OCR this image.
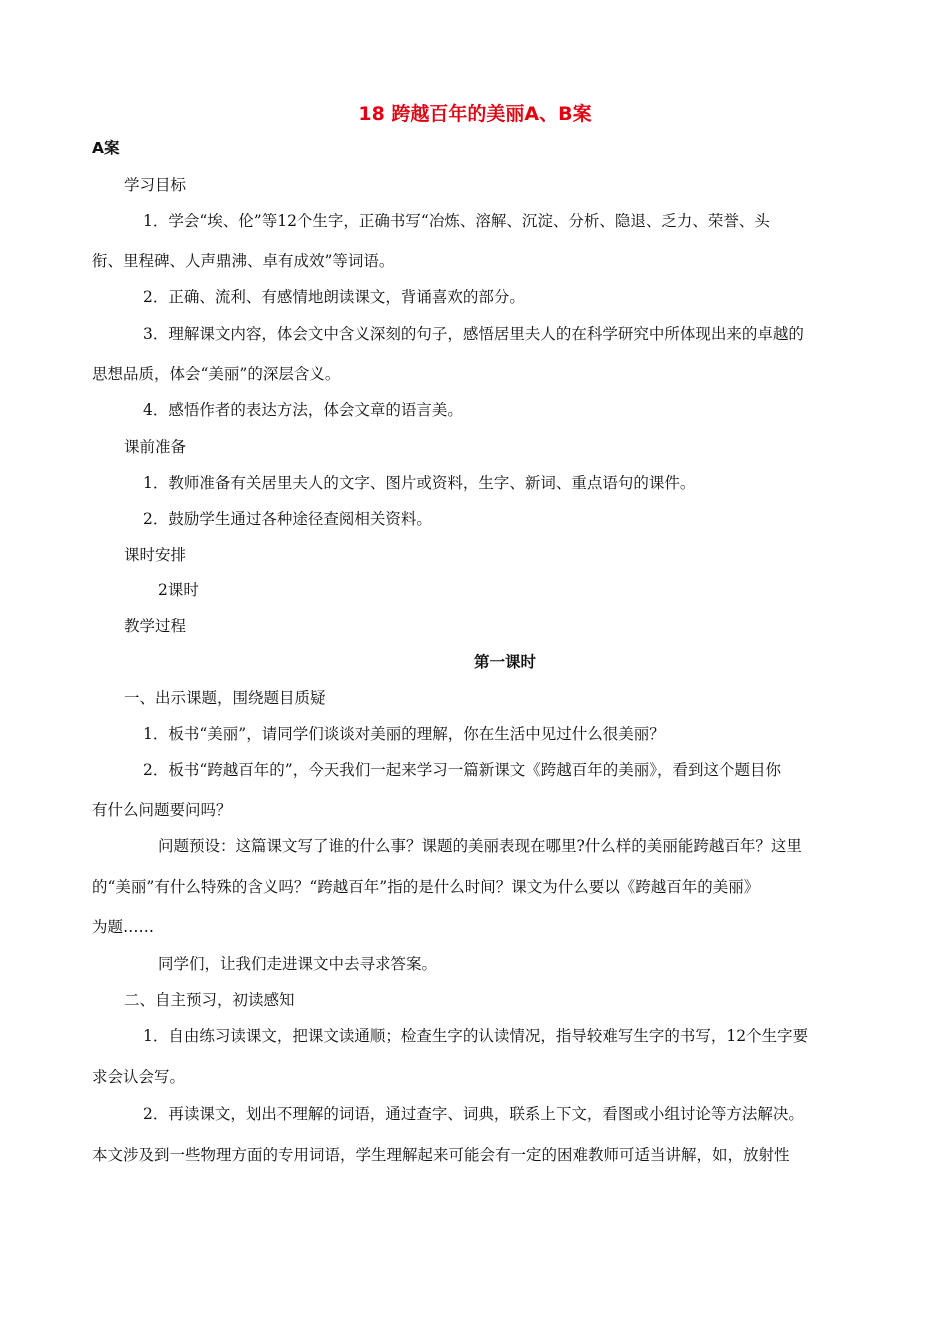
18 跨越百年的美丽A、B案
A案
学习目标
1．学会“埃、伦”等12个生字，正确书写“冶炼、溶解、沉淀、分析、隐退、乏力、荣誉、头
衔、里程碑、人声鼎沸、卓有成效”等词语。
2．正确、流利、有感情地朗读课文，背诵喜欢的部分。
3．理解课文内容，体会文中含义深刻的句子，感悟居里夫人的在科学研究中所体现出来的卓越的
思想品质，体会“美丽”的深层含义。
4．感悟作者的表达方法，体会文章的语言美。
课前准备
1．教师准备有关居里夫人的文字、图片或资料，生字、新词、重点语句的课件。
2．鼓励学生通过各种途径查阅相关资料。
课时安排
2课时
教学过程
第一课时
一、出示课题，围绕题目质疑
1．板书“美丽”，请同学们谈谈对美丽的理解，你在生活中见过什么很美丽？
2．板书“跨越百年的”，今天我们一起来学习一篇新课文《跨越百年的美丽》，看到这个题目你
有什么问题要问吗？
问题预设：这篇课文写了谁的什么事？课题的美丽表现在哪里?什么样的美丽能跨越百年？这里
的“美丽”有什么特殊的含义吗？“跨越百年”指的是什么时间？课文为什么要以《跨越百年的美丽》
为题……
同学们，让我们走进课文中去寻求答案。
二、自主预习，初读感知
1．自由练习读课文，把课文读通顺；检查生字的认读情况，指导较难写生字的书写，12个生字要
求会认会写。
2．再读课文，划出不理解的词语，通过查字、词典，联系上下文，看图或小组讨论等方法解决。
本文涉及到一些物理方面的专用词语，学生理解起来可能会有一定的困难教师可适当讲解，如，放射性
